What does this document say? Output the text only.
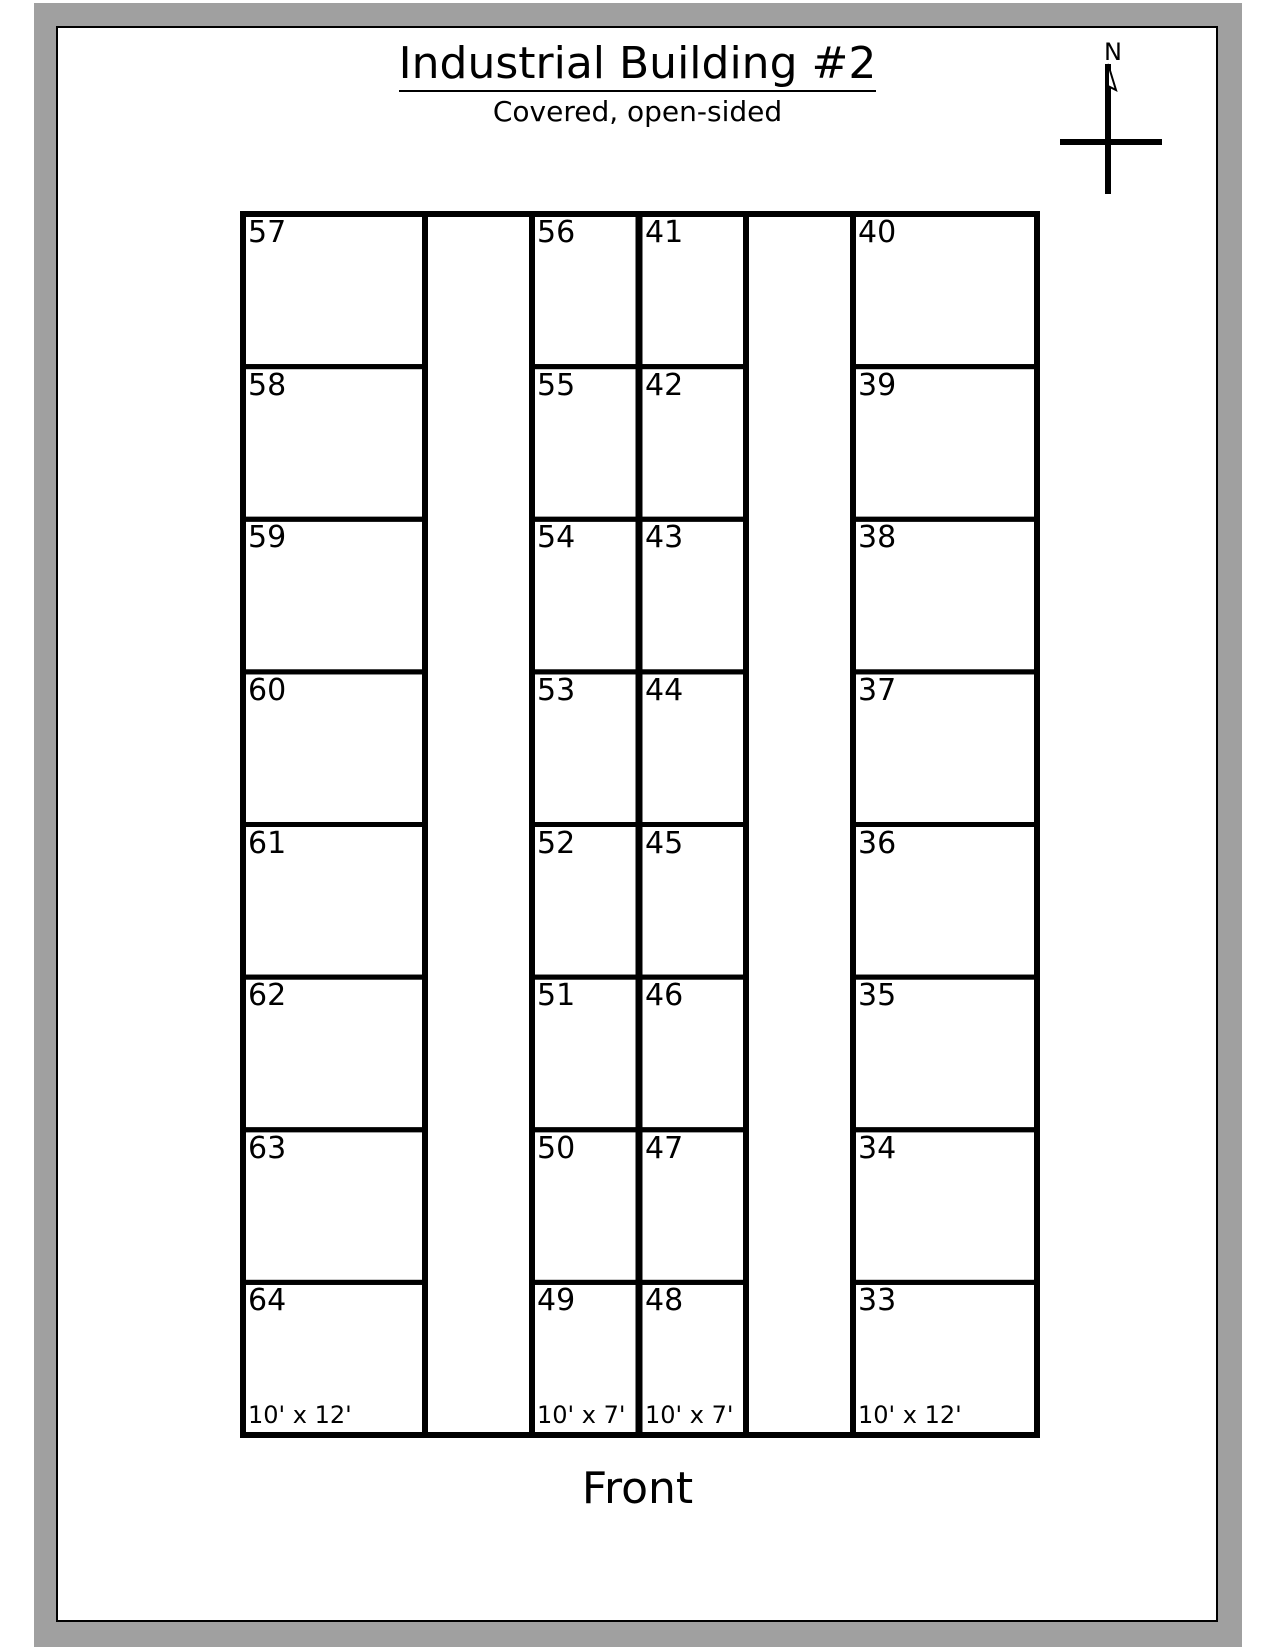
Industrial Building #2
Covered, open-sided
N
57
58
59
60
61
62
63
64
10' x 12'
56
55
54
53
52
51
50
49
10' x 7'
41
42
43
44
45
46
47
48
10' x 7'
40
39
38
37
36
35
34
33
10' x 12'
Front
